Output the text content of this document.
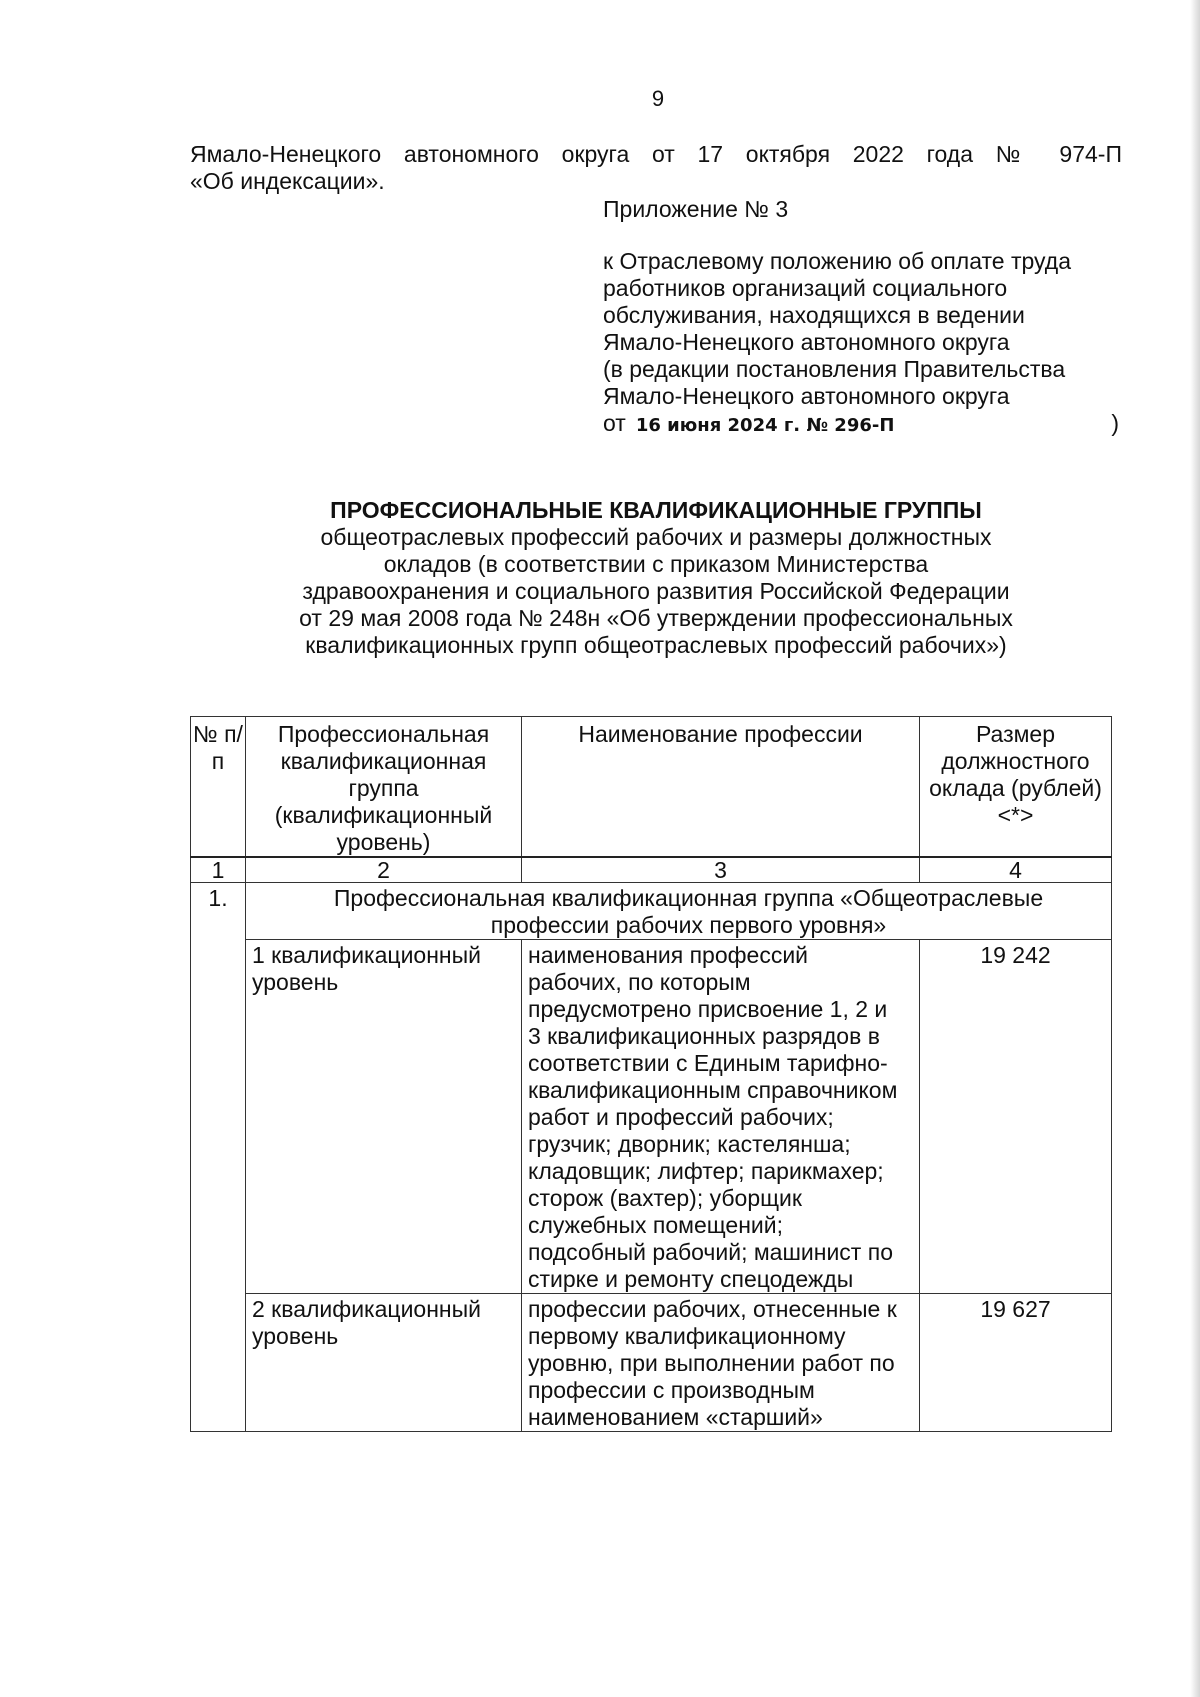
9
Ямало-Ненецкого автономного округа от 17 октября 2022 года № 974-П
«Об индексации».
Приложение № 3
к Отраслевому положению об оплате труда
работников организаций социального
обслуживания, находящихся в ведении
Ямало-Ненецкого автономного округа
(в редакции постановления Правительства
Ямало-Ненецкого автономного округа
от 16 июня 2024 г. № 296-П	)
ПРОФЕССИОНАЛЬНЫЕ КВАЛИФИКАЦИОННЫЕ ГРУППЫ
общеотраслевых профессий рабочих и размеры должностных
окладов (в соответствии с приказом Министерства
здравоохранения и социального развития Российской Федерации
от 29 мая 2008 года № 248н «Об утверждении профессиональных
квалификационных групп общеотраслевых профессий рабочих»)
№ п/п	Профессиональная квалификационная группа (квалификационный уровень)	Наименование профессии	Размер должностного оклада (рублей) <*>
1	2	3	4
1.	Профессиональная квалификационная группа «Общеотраслевые профессии рабочих первого уровня»		
	1 квалификационный уровень	наименования профессий рабочих, по которым предусмотрено присвоение 1, 2 и 3 квалификационных разрядов в соответствии с Единым тарифно-квалификационным справочником работ и профессий рабочих; грузчик; дворник; кастелянша; кладовщик; лифтер; парикмахер; сторож (вахтер); уборщик служебных помещений; подсобный рабочий; машинист по стирке и ремонту спецодежды	19 242
	2 квалификационный уровень	профессии рабочих, отнесенные к первому квалификационному уровню, при выполнении работ по профессии с производным наименованием «старший»	19 627
